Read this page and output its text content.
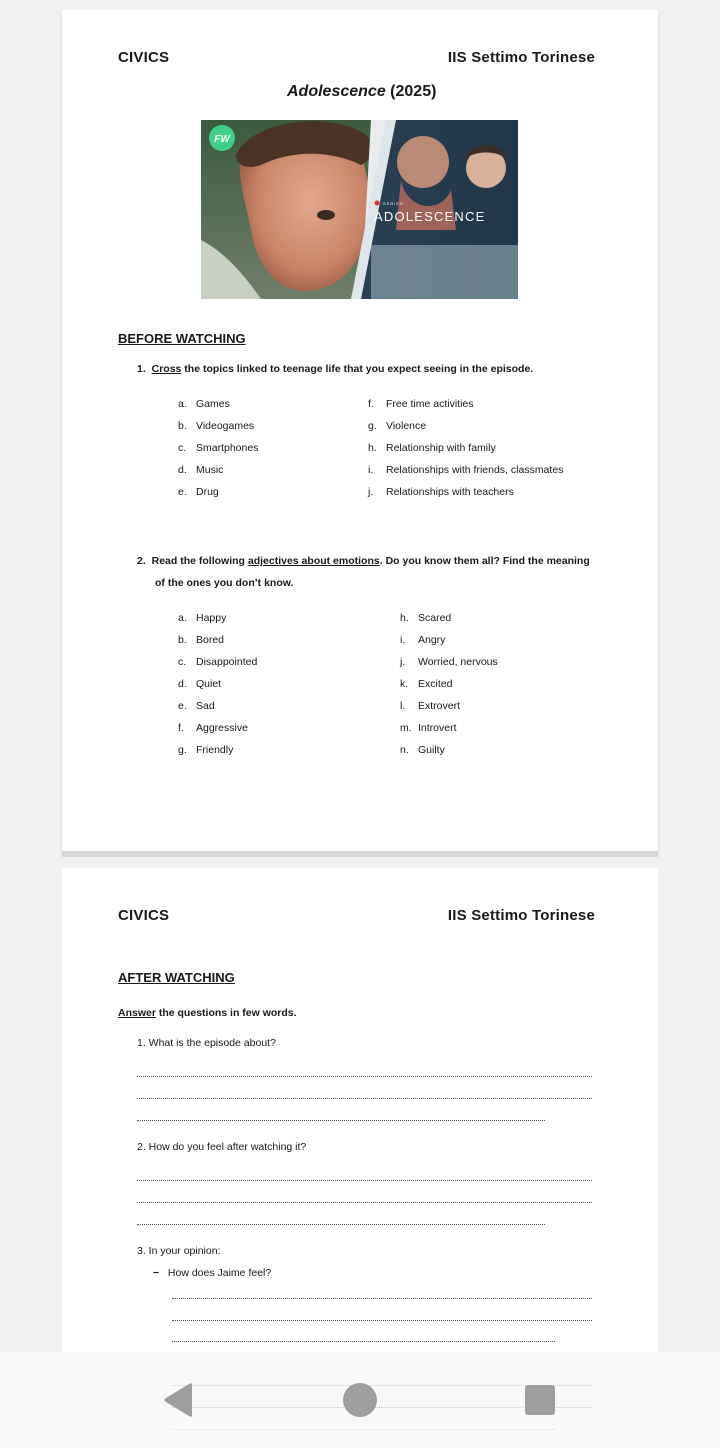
CIVICS	IIS Settimo Torinese
Adolescence (2025)
FW
SERIES
ADOLESCENCE
BEFORE WATCHING
1. Cross the topics linked to teenage life that you expect seeing in the episode.
a. Games
b. Videogames
c. Smartphones
d. Music
e. Drug
f. Free time activities
g. Violence
h. Relationship with family
i. Relationships with friends, classmates
j. Relationships with teachers
2. Read the following adjectives about emotions. Do you know them all? Find the meaning
of the ones you don’t know.
a. Happy
b. Bored
c. Disappointed
d. Quiet
e. Sad
f. Aggressive
g. Friendly
h. Scared
i. Angry
j. Worried, nervous
k. Excited
l. Extrovert
m. Introvert
n. Guilty
CIVICS	IIS Settimo Torinese
AFTER WATCHING
Answer the questions in few words.
1. What is the episode about?
2. How do you feel after watching it?
3. In your opinion:
− How does Jaime feel?
